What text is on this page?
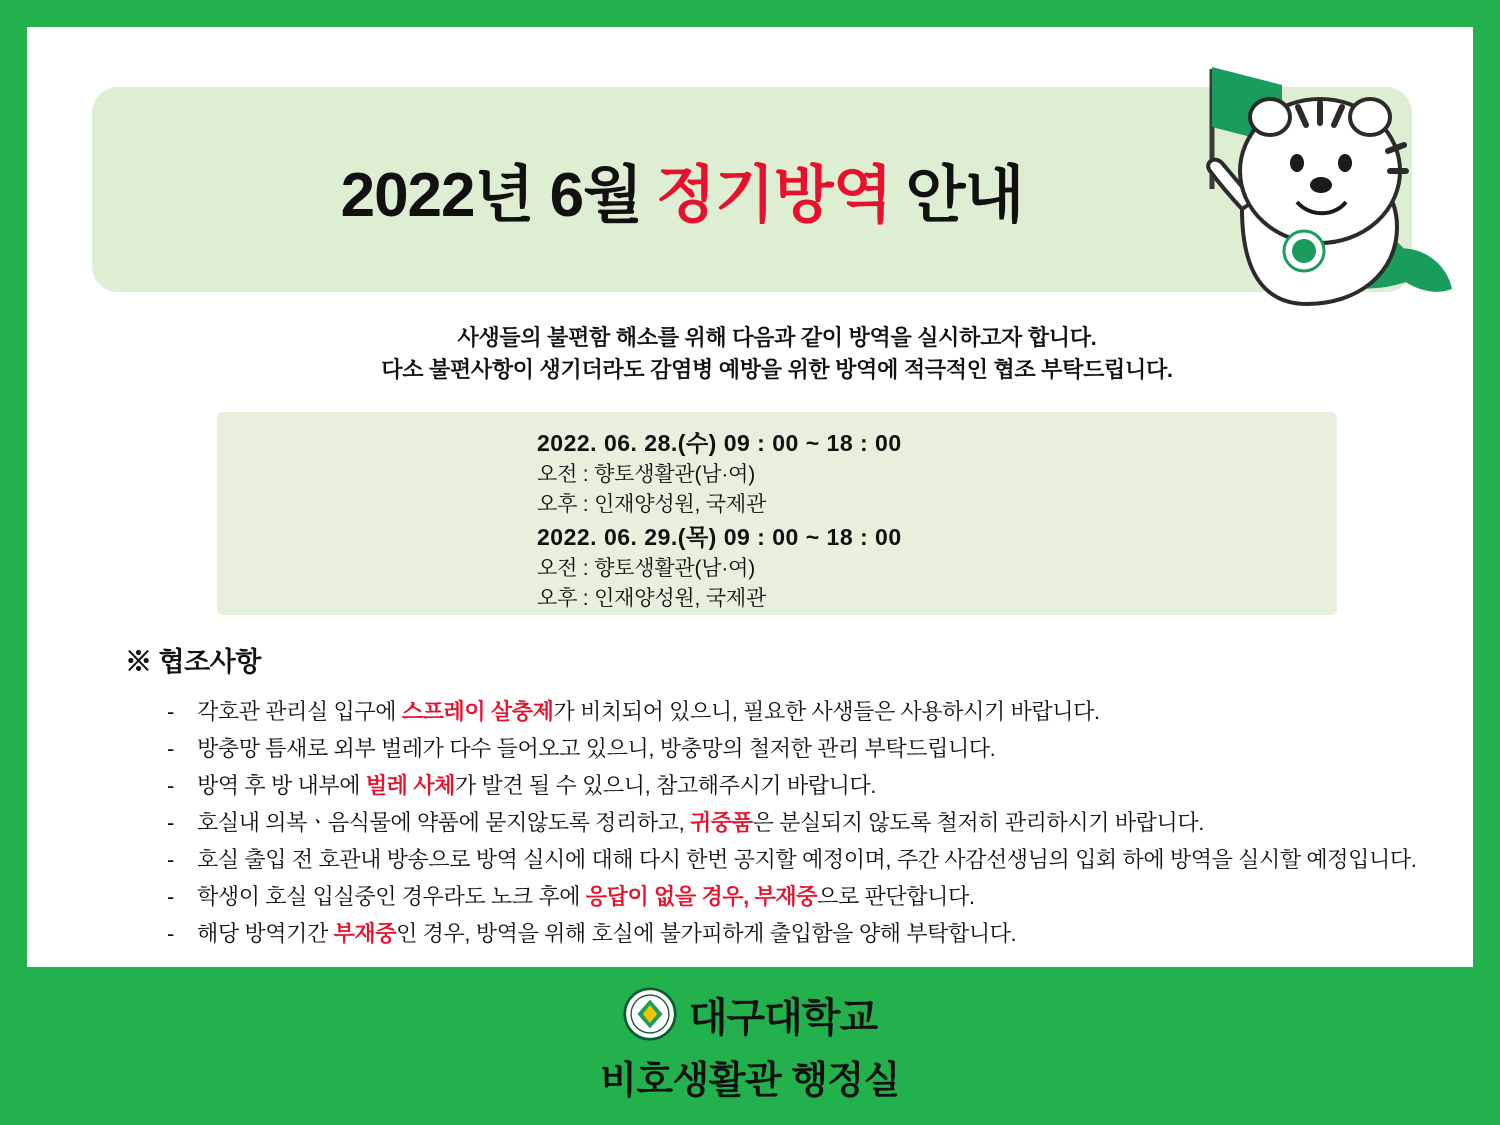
2022년 6월 정기방역 안내
사생들의 불편함 해소를 위해 다음과 같이 방역을 실시하고자 합니다.
다소 불편사항이 생기더라도 감염병 예방을 위한 방역에 적극적인 협조 부탁드립니다.
2022. 06. 28.(수) 09 : 00 ~ 18 : 00
오전 : 향토생활관(남·여)
오후 : 인재양성원, 국제관
2022. 06. 29.(목) 09 : 00 ~ 18 : 00
오전 : 향토생활관(남·여)
오후 : 인재양성원, 국제관
※ 협조사항
-	각호관 관리실 입구에 스프레이 살충제가 비치되어 있으니, 필요한 사생들은 사용하시기 바랍니다.
-	방충망 틈새로 외부 벌레가 다수 들어오고 있으니, 방충망의 철저한 관리 부탁드립니다.
-	방역 후 방 내부에 벌레 사체가 발견 될 수 있으니, 참고해주시기 바랍니다.
-	호실내 의복ㆍ음식물에 약품에 묻지않도록 정리하고, 귀중품은 분실되지 않도록 철저히 관리하시기 바랍니다.
-	호실 출입 전 호관내 방송으로 방역 실시에 대해 다시 한번 공지할 예정이며, 주간 사감선생님의 입회 하에 방역을 실시할 예정입니다.
-	학생이 호실 입실중인 경우라도 노크 후에 응답이 없을 경우, 부재중으로 판단합니다.
-	해당 방역기간 부재중인 경우, 방역을 위해 호실에 불가피하게 출입함을 양해 부탁합니다.
대구대학교
비호생활관 행정실
